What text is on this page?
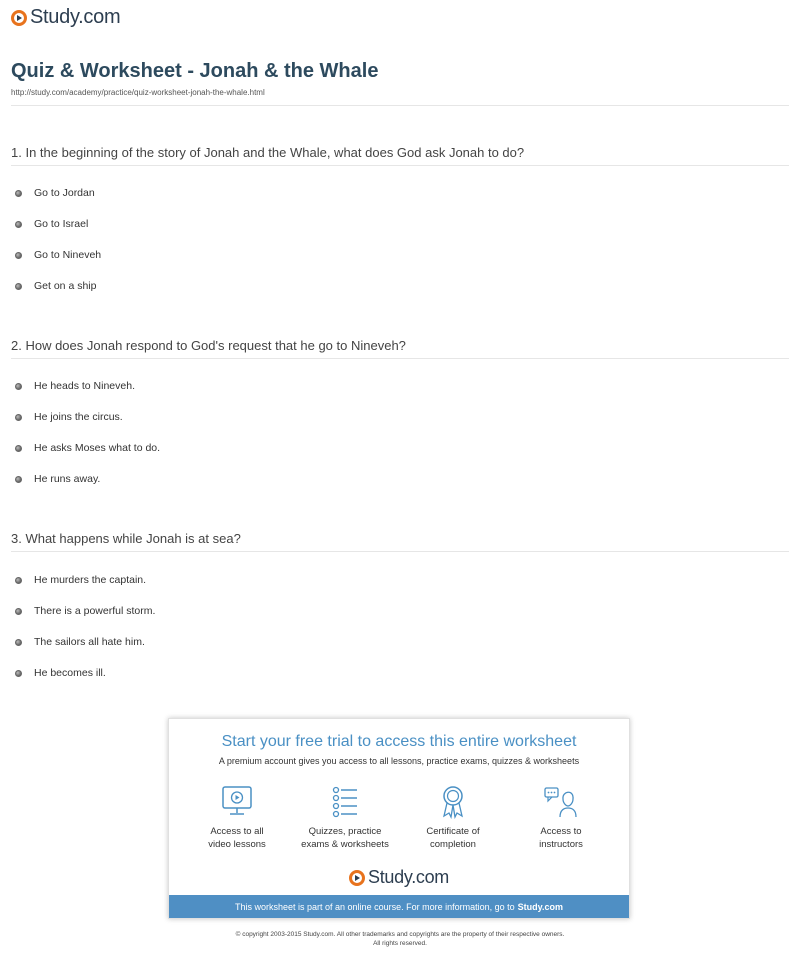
Study.com
Quiz & Worksheet - Jonah & the Whale
http://study.com/academy/practice/quiz-worksheet-jonah-the-whale.html
1. In the beginning of the story of Jonah and the Whale, what does God ask Jonah to do?
Go to Jordan
Go to Israel
Go to Nineveh
Get on a ship
2. How does Jonah respond to God's request that he go to Nineveh?
He heads to Nineveh.
He joins the circus.
He asks Moses what to do.
He runs away.
3. What happens while Jonah is at sea?
He murders the captain.
There is a powerful storm.
The sailors all hate him.
He becomes ill.
Start your free trial to access this entire worksheet
A premium account gives you access to all lessons, practice exams, quizzes & worksheets
Access to all
video lessons
Quizzes, practice
exams & worksheets
Certificate of
completion
Access to
instructors
Study.com
This worksheet is part of an online course. For more information, go to Study.com
© copyright 2003-2015 Study.com. All other trademarks and copyrights are the property of their respective owners.
All rights reserved.
